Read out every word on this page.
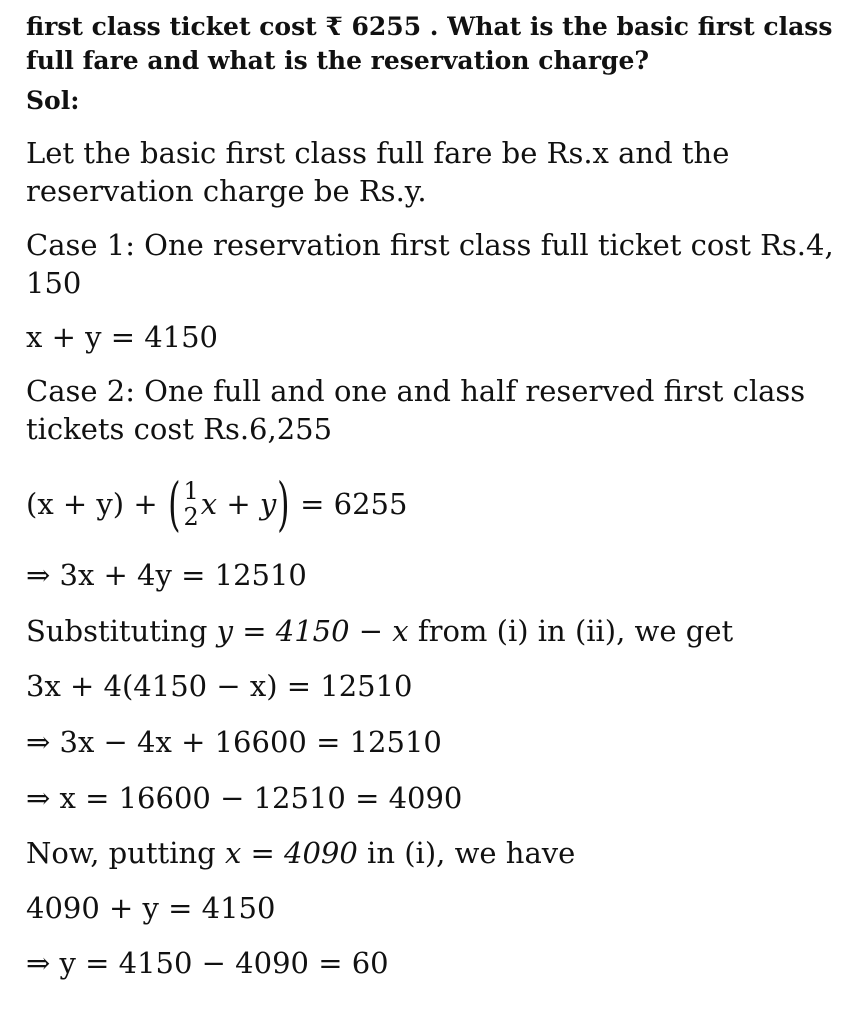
first class ticket cost ₹ 6255 . What is the basic first class
full fare and what is the reservation charge?
Sol:
Let the basic first class full fare be Rs.x and the
reservation charge be Rs.y.
Case 1: One reservation first class full ticket cost Rs.4,
150
x + y = 4150
Case 2: One full and one and half reserved first class
tickets cost Rs.6,255
(x + y) + ( 1
2 x + y ) = 6255
⇒ 3x + 4y = 12510
Substituting y = 4150 − x from (i) in (ii), we get
3x + 4(4150 − x) = 12510
⇒ 3x − 4x + 16600 = 12510
⇒ x = 16600 − 12510 = 4090
Now, putting x = 4090 in (i), we have
4090 + y = 4150
⇒ y = 4150 − 4090 = 60
